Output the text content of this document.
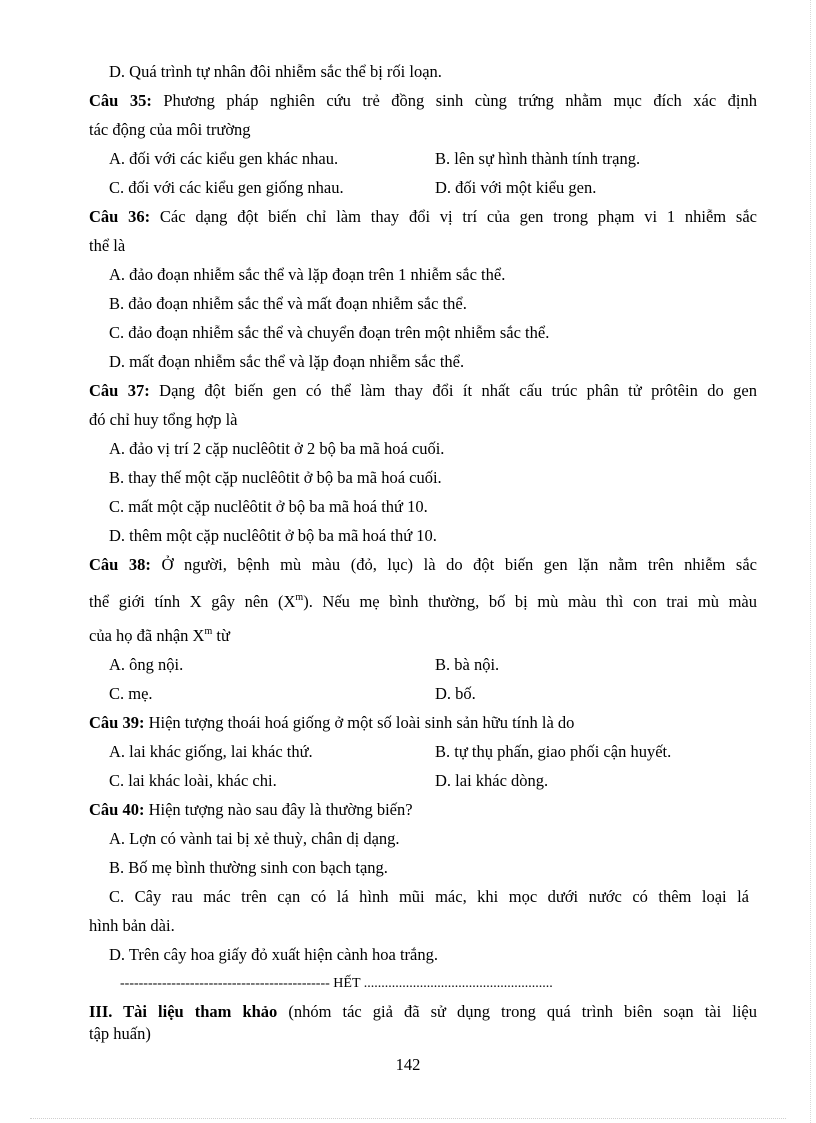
D. Quá trình tự nhân đôi nhiễm sắc thể bị rối loạn.
Câu 35: Phương pháp nghiên cứu trẻ đồng sinh cùng trứng nhằm mục đích xác định
tác động của môi trường
A. đối với các kiểu gen khác nhau.	B. lên sự hình thành tính trạng.
C. đối với các kiểu gen giống nhau.	D. đối với một kiểu gen.
Câu 36: Các dạng đột biến chỉ làm thay đổi vị trí của gen trong phạm vi 1 nhiễm sắc
thể là
A. đảo đoạn nhiễm sắc thể và lặp đoạn trên 1 nhiễm sắc thể.
B. đảo đoạn nhiễm sắc thể và mất đoạn nhiễm sắc thể.
C. đảo đoạn nhiễm sắc thể và chuyển đoạn trên một nhiễm sắc thể.
D. mất đoạn nhiễm sắc thể và lặp đoạn nhiễm sắc thể.
Câu 37: Dạng đột biến gen có thể làm thay đổi ít nhất cấu trúc phân tử prôtêin do gen
đó chỉ huy tổng hợp là
A. đảo vị trí 2 cặp nuclêôtit ở 2 bộ ba mã hoá cuối.
B. thay thế một cặp nuclêôtit ở bộ ba mã hoá cuối.
C. mất một cặp nuclêôtit ở bộ ba mã hoá thứ 10.
D. thêm một cặp nuclêôtit ở bộ ba mã hoá thứ 10.
Câu 38: Ở người, bệnh mù màu (đỏ, lục) là do đột biến gen lặn nằm trên nhiễm sắc
thể giới tính X gây nên $(X^m)$. Nếu mẹ bình thường, bố bị mù màu thì con trai mù màu
của họ đã nhận $X^m$ từ
A. ông nội.	B. bà nội.
C. mẹ.	D. bố.
Câu 39: Hiện tượng thoái hoá giống ở một số loài sinh sản hữu tính là do
A. lai khác giống, lai khác thứ.	B. tự thụ phấn, giao phối cận huyết.
C. lai khác loài, khác chi.	D. lai khác dòng.
Câu 40: Hiện tượng nào sau đây là thường biến?
A. Lợn có vành tai bị xẻ thuỳ, chân dị dạng.
B. Bố mẹ bình thường sinh con bạch tạng.
C. Cây rau mác trên cạn có lá hình mũi mác, khi mọc dưới nước có thêm loại lá
hình bản dài.
D. Trên cây hoa giấy đỏ xuất hiện cành hoa trắng.
--------------------------------------------- HẾT ......................................................
III. Tài liệu tham khảo (nhóm tác giả đã sử dụng trong quá trình biên soạn tài liệu
tập huấn)
142
